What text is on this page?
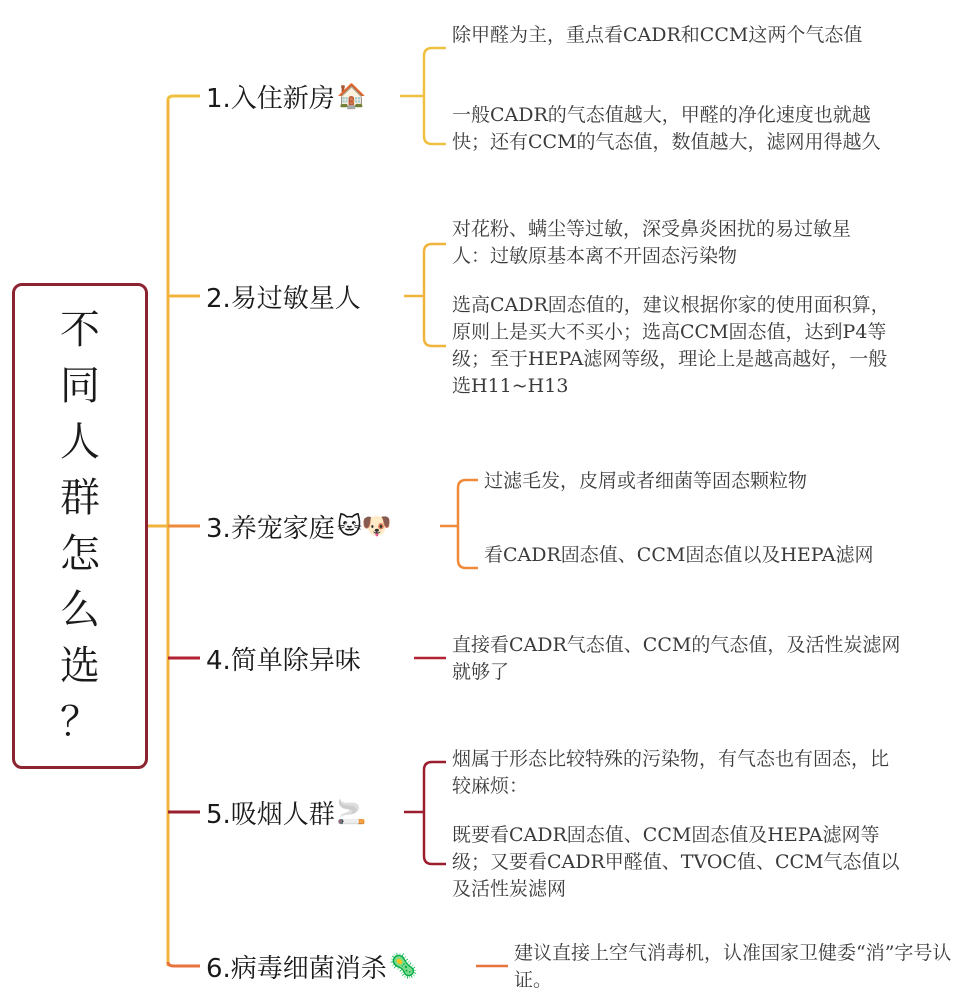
不
同
人
群
怎
么
选
？
1.入住新房 🏠
除甲醛为主，重点看CADR和CCM这两个气态值
一般CADR的气态值越大，甲醛的净化速度也就越快；还有CCM的气态值，数值越大，滤网用得越久
2.易过敏星人
对花粉、螨尘等过敏，深受鼻炎困扰的易过敏星人：过敏原基本离不开固态污染物
选高CADR固态值的，建议根据你家的使用面积算，原则上是买大不买小；选高CCM固态值，达到P4等级；至于HEPA滤网等级，理论上是越高越好，一般选H11~H13
3.养宠家庭 🐱🐶
过滤毛发，皮屑或者细菌等固态颗粒物
看CADR固态值、CCM固态值以及HEPA滤网
4.简单除异味
直接看CADR气态值、CCM的气态值，及活性炭滤网就够了
5.吸烟人群 🚬
烟属于形态比较特殊的污染物，有气态也有固态，比较麻烦：
既要看CADR固态值、CCM固态值及HEPA滤网等级；又要看CADR甲醛值、TVOC值、CCM气态值以及活性炭滤网
6.病毒细菌消杀 🦠	建议直接上空气消毒机，认准国家卫健委“消”字号认证。
